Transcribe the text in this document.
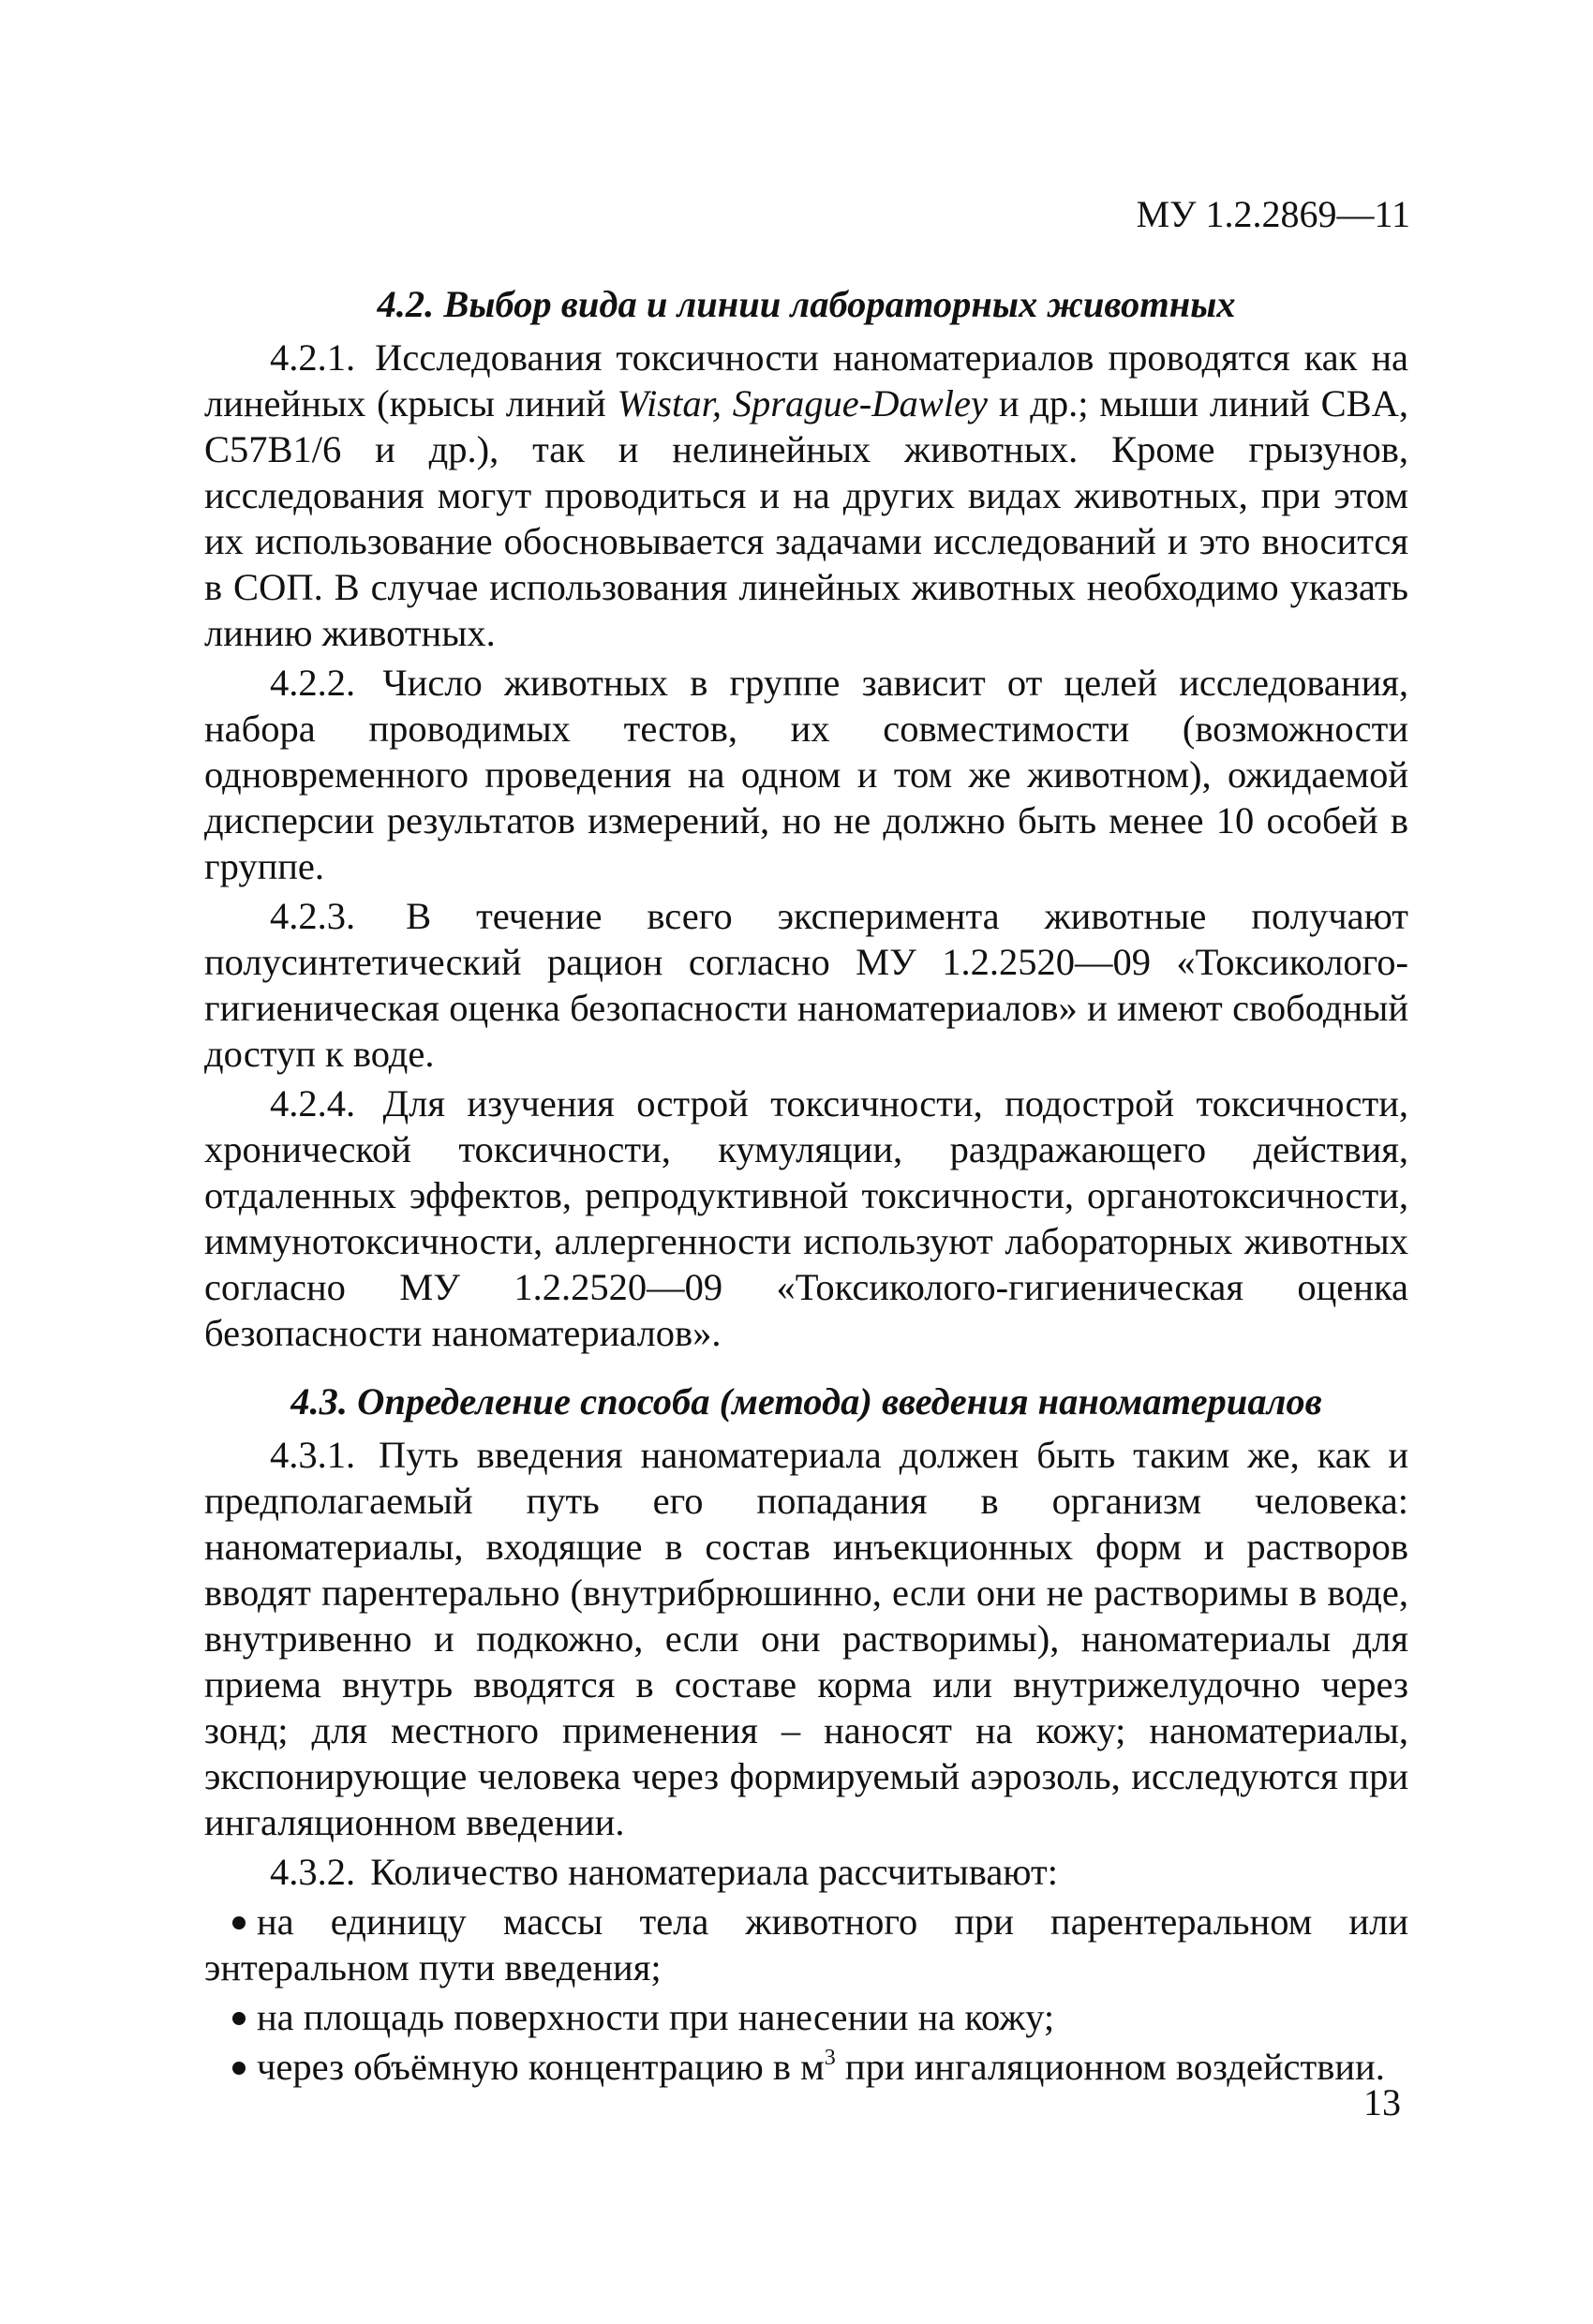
МУ 1.2.2869—11

4.2. Выбор вида и линии лабораторных животных

4.2.1. Исследования токсичности наноматериалов проводятся как на линейных (крысы линий Wistar, Sprague-Dawley и др.; мыши линий CBA, C57B1/6 и др.), так и нелинейных животных. Кроме грызунов, исследования могут проводиться и на других видах животных, при этом их использование обосновывается задачами исследований и это вносится в СОП. В случае использования линейных животных необходимо указать линию животных.

4.2.2. Число животных в группе зависит от целей исследования, набора проводимых тестов, их совместимости (возможности одновременного проведения на одном и том же животном), ожидаемой дисперсии результатов измерений, но не должно быть менее 10 особей в группе.

4.2.3. В течение всего эксперимента животные получают полусинтетический рацион согласно МУ 1.2.2520—09 «Токсиколого-гигиеническая оценка безопасности наноматериалов» и имеют свободный доступ к воде.

4.2.4. Для изучения острой токсичности, подострой токсичности, хронической токсичности, кумуляции, раздражающего действия, отдаленных эффектов, репродуктивной токсичности, органотоксичности, иммунотоксичности, аллергенности используют лабораторных животных согласно МУ 1.2.2520—09 «Токсиколого-гигиеническая оценка безопасности наноматериалов».

4.3. Определение способа (метода) введения наноматериалов

4.3.1. Путь введения наноматериала должен быть таким же, как и предполагаемый путь его попадания в организм человека: наноматериалы, входящие в состав инъекционных форм и растворов вводят парентерально (внутрибрюшинно, если они не растворимы в воде, внутривенно и подкожно, если они растворимы), наноматериалы для приема внутрь вводятся в составе корма или внутрижелудочно через зонд; для местного применения – наносят на кожу; наноматериалы, экспонирующие человека через формируемый аэрозоль, исследуются при ингаляционном введении.

4.3.2. Количество наноматериала рассчитывают:

на единицу массы тела животного при парентеральном или энтеральном пути введения;

на площадь поверхности при нанесении на кожу;

через объёмную концентрацию в $м^3$ при ингаляционном воздействии.

13
